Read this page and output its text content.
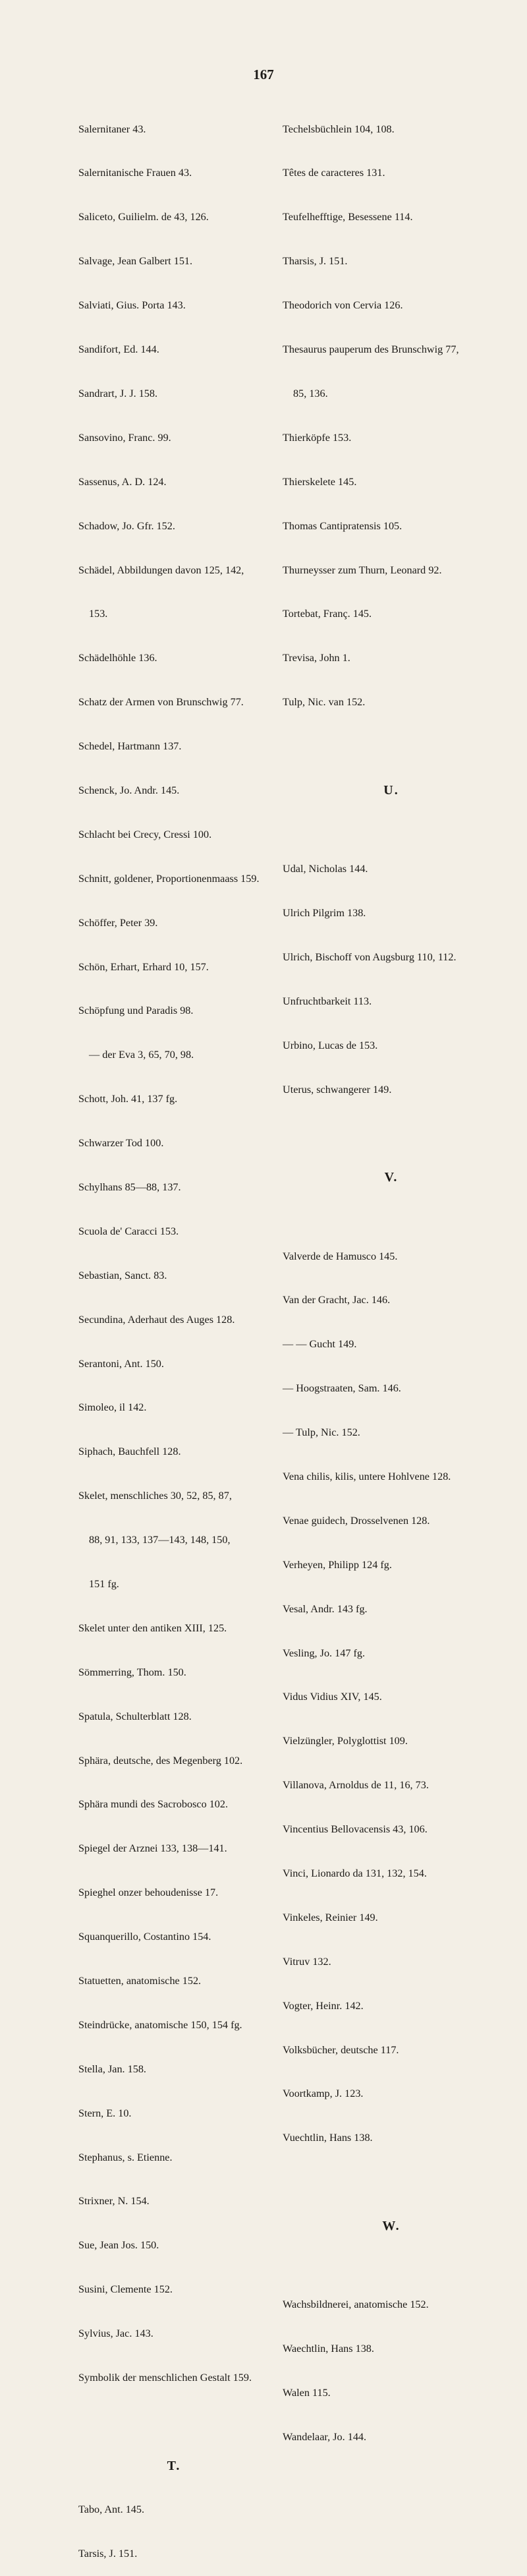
167

Salernitaner 43.

Salernitanische Frauen 43.

Saliceto, Guilielm. de 43, 126.

Salvage, Jean Galbert 151.

Salviati, Gius. Porta 143.

Sandifort, Ed. 144.

Sandrart, J. J. 158.

Sansovino, Franc. 99.

Sassenus, A. D. 124.

Schadow, Jo. Gfr. 152.

Schädel, Abbildungen davon 125, 142,

153.

Schädelhöhle 136.

Schatz der Armen von Brunschwig 77.

Schedel, Hartmann 137.

Schenck, Jo. Andr. 145.

Schlacht bei Crecy, Cressi 100.

Schnitt, goldener, Proportionenmaass 159.

Schöffer, Peter 39.

Schön, Erhart, Erhard 10, 157.

Schöpfung und Paradis 98.

— der Eva 3, 65, 70, 98.

Schott, Joh. 41, 137 fg.

Schwarzer Tod 100.

Schylhans 85—88, 137.

Scuola de' Caracci 153.

Sebastian, Sanct. 83.

Secundina, Aderhaut des Auges 128.

Serantoni, Ant. 150.

Simoleo, il 142.

Siphach, Bauchfell 128.

Skelet, menschliches 30, 52, 85, 87,

88, 91, 133, 137—143, 148, 150,

151 fg.

Skelet unter den antiken XIII, 125.

Sömmerring, Thom. 150.

Spatula, Schulterblatt 128.

Sphära, deutsche, des Megenberg 102.

Sphära mundi des Sacrobosco 102.

Spiegel der Arznei 133, 138—141.

Spieghel onzer behoudenisse 17.

Squanquerillo, Costantino 154.

Statuetten, anatomische 152.

Steindrücke, anatomische 150, 154 fg.

Stella, Jan. 158.

Stern, E. 10.

Stephanus, s. Etienne.

Strixner, N. 154.

Sue, Jean Jos. 150.

Susini, Clemente 152.

Sylvius, Jac. 143.

Symbolik der menschlichen Gestalt 159.

T.

Tabo, Ant. 145.

Tarsis, J. 151.

Techelsbüchlein 104, 108.

Têtes de caracteres 131.

Teufelhefftige, Besessene 114.

Tharsis, J. 151.

Theodorich von Cervia 126.

Thesaurus pauperum des Brunschwig 77,

85, 136.

Thierköpfe 153.

Thierskelete 145.

Thomas Cantipratensis 105.

Thurneysser zum Thurn, Leonard 92.

Tortebat, Franç. 145.

Trevisa, John 1.

Tulp, Nic. van 152.

U.

Udal, Nicholas 144.

Ulrich Pilgrim 138.

Ulrich, Bischoff von Augsburg 110, 112.

Unfruchtbarkeit 113.

Urbino, Lucas de 153.

Uterus, schwangerer 149.

V.

Valverde de Hamusco 145.

Van der Gracht, Jac. 146.

— — Gucht 149.

— Hoogstraaten, Sam. 146.

— Tulp, Nic. 152.

Vena chilis, kilis, untere Hohlvene 128.

Venae guidech, Drosselvenen 128.

Verheyen, Philipp 124 fg.

Vesal, Andr. 143 fg.

Vesling, Jo. 147 fg.

Vidus Vidius XIV, 145.

Vielzüngler, Polyglottist 109.

Villanova, Arnoldus de 11, 16, 73.

Vincentius Bellovacensis 43, 106.

Vinci, Lionardo da 131, 132, 154.

Vinkeles, Reinier 149.

Vitruv 132.

Vogter, Heinr. 142.

Volksbücher, deutsche 117.

Voortkamp, J. 123.

Vuechtlin, Hans 138.

W.

Wachsbildnerei, anatomische 152.

Waechtlin, Hans 138.

Walen 115.

Wandelaar, Jo. 144.
